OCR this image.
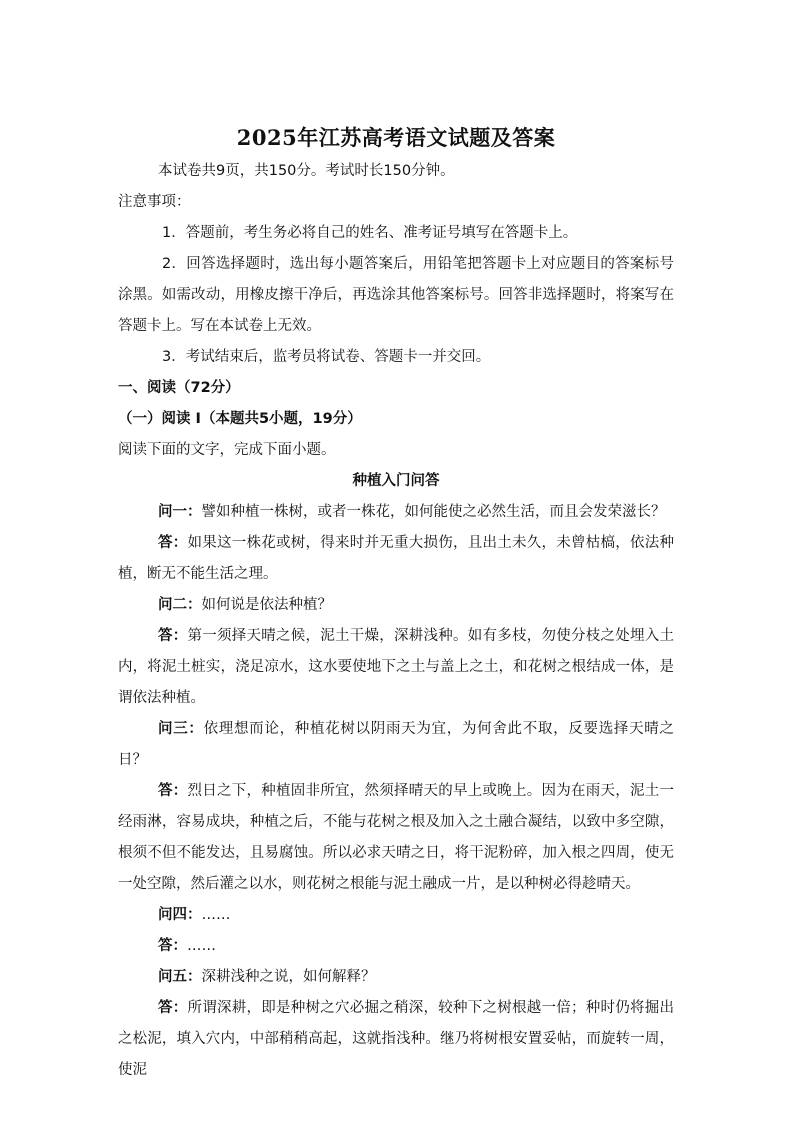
2025年江苏高考语文试题及答案

本试卷共9页，共150分。考试时长150分钟。

注意事项：

1．答题前，考生务必将自己的姓名、准考证号填写在答题卡上。

2．回答选择题时，选出每小题答案后，用铅笔把答题卡上对应题目的答案标号涂黑。如需改动，用橡皮擦干净后，再选涂其他答案标号。回答非选择题时，将案写在答题卡上。写在本试卷上无效。

3．考试结束后，监考员将试卷、答题卡一并交回。

一、阅读（72分）
（一）阅读 I（本题共5小题，19分）
阅读下面的文字，完成下面小题。
种植入门问答

问一：譬如种植一株树，或者一株花，如何能使之必然生活，而且会发荣滋长？

答：如果这一株花或树，得来时并无重大损伤，且出土未久，未曾枯槁，依法种植，断无不能生活之理。

问二：如何说是依法种植？

答：第一须择天晴之候，泥土干燥，深耕浅种。如有多枝，勿使分枝之处埋入土内，将泥土桩实，浇足凉水，这水要使地下之土与盖上之土，和花树之根结成一体，是谓依法种植。

问三：依理想而论，种植花树以阴雨天为宜，为何舍此不取，反要选择天晴之日？

答：烈日之下，种植固非所宜，然须择晴天的早上或晚上。因为在雨天，泥土一经雨淋，容易成块，种植之后，不能与花树之根及加入之土融合凝结，以致中多空隙，根须不但不能发达，且易腐蚀。所以必求天晴之日，将干泥粉碎，加入根之四周，使无一处空隙，然后灌之以水，则花树之根能与泥土融成一片，是以种树必得趁晴天。

问四：……

答：……

问五：深耕浅种之说，如何解释？

答：所谓深耕，即是种树之穴必掘之稍深，较种下之树根越一倍；种时仍将掘出之松泥，填入穴内，中部稍稍高起，这就指浅种。继乃将树根安置妥帖，而旋转一周，使泥
